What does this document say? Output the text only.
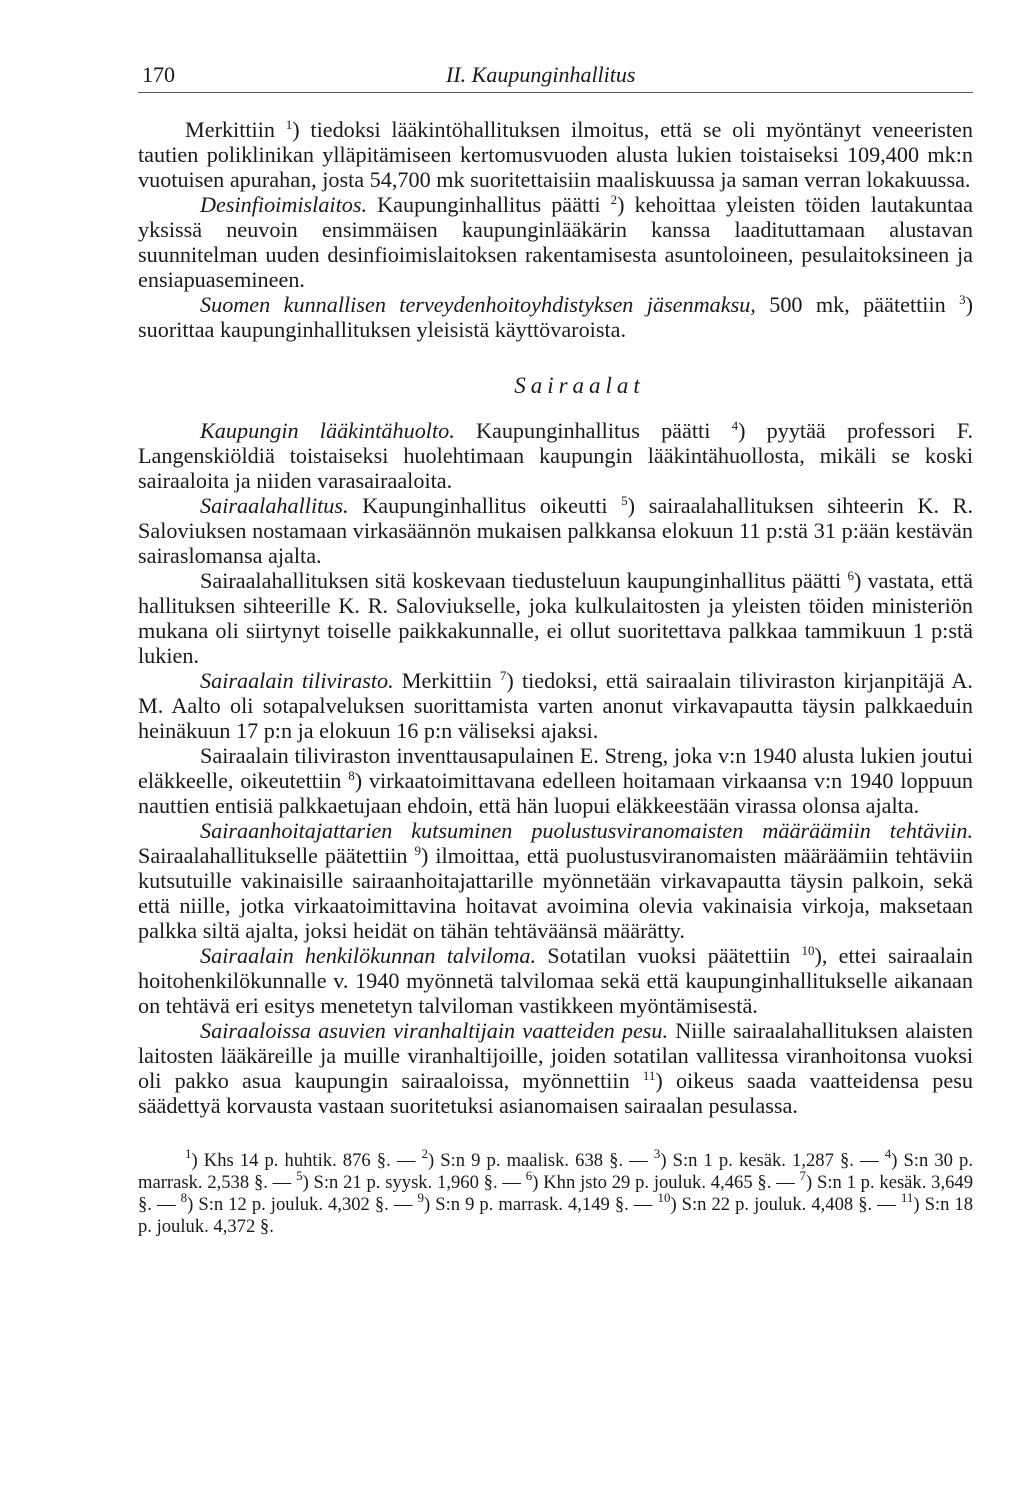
170	II. Kaupunginhallitus

Merkittiin $^1$) tiedoksi lääkintöhallituksen ilmoitus, että se oli myöntänyt veneeristen tautien poliklinikan ylläpitämiseen kertomusvuoden alusta lukien toistaiseksi 109,400 mk:n vuotuisen apurahan, josta 54,700 mk suoritettaisiin maaliskuussa ja saman verran lokakuussa.

Desinfioimislaitos. Kaupunginhallitus päätti $^2$) kehoittaa yleisten töiden lautakuntaa yksissä neuvoin ensimmäisen kaupunginlääkärin kanssa laadituttamaan alustavan suunnitelman uuden desinfioimislaitoksen rakentamisesta asuntoloineen, pesulaitoksineen ja ensiapuasemineen.

Suomen kunnallisen terveydenhoitoyhdistyksen jäsenmaksu, 500 mk, päätettiin $^3$) suorittaa kaupunginhallituksen yleisistä käyttövaroista.

Sairaalat

Kaupungin lääkintähuolto. Kaupunginhallitus päätti $^4$) pyytää professori F. Langenskiöldiä toistaiseksi huolehtimaan kaupungin lääkintähuollosta, mikäli se koski sairaaloita ja niiden varasairaaloita.

Sairaalahallitus. Kaupunginhallitus oikeutti $^5$) sairaalahallituksen sihteerin K. R. Saloviuksen nostamaan virkasäännön mukaisen palkkansa elokuun 11 p:stä 31 p:ään kestävän sairaslomansa ajalta.

Sairaalahallituksen sitä koskevaan tiedusteluun kaupunginhallitus päätti $^6$) vastata, että hallituksen sihteerille K. R. Saloviukselle, joka kulkulaitosten ja yleisten töiden ministeriön mukana oli siirtynyt toiselle paikkakunnalle, ei ollut suoritettava palkkaa tammikuun 1 p:stä lukien.

Sairaalain tilivirasto. Merkittiin $^7$) tiedoksi, että sairaalain tiliviraston kirjanpitäjä A. M. Aalto oli sotapalveluksen suorittamista varten anonut virkavapautta täysin palkkaeduin heinäkuun 17 p:n ja elokuun 16 p:n väliseksi ajaksi.

Sairaalain tiliviraston inventtausapulainen E. Streng, joka v:n 1940 alusta lukien joutui eläkkeelle, oikeutettiin $^8$) virkaatoimittavana edelleen hoitamaan virkaansa v:n 1940 loppuun nauttien entisiä palkkaetujaan ehdoin, että hän luopui eläkkeestään virassa olonsa ajalta.

Sairaanhoitajattarien kutsuminen puolustusviranomaisten määräämiin tehtäviin. Sairaalahallitukselle päätettiin $^9$) ilmoittaa, että puolustusviranomaisten määräämiin tehtäviin kutsutuille vakinaisille sairaanhoitajattarille myönnetään virkavapautta täysin palkoin, sekä että niille, jotka virkaatoimittavina hoitavat avoimina olevia vakinaisia virkoja, maksetaan palkka siltä ajalta, joksi heidät on tähän tehtäväänsä määrätty.

Sairaalain henkilökunnan talviloma. Sotatilan vuoksi päätettiin $^{10}$), ettei sairaalain hoitohenkilökunnalle v. 1940 myönnetä talvilomaa sekä että kaupunginhallitukselle aikanaan on tehtävä eri esitys menetetyn talviloman vastikkeen myöntämisestä.

Sairaaloissa asuvien viranhaltijain vaatteiden pesu. Niille sairaalahallituksen alaisten laitosten lääkäreille ja muille viranhaltijoille, joiden sotatilan vallitessa viranhoitonsa vuoksi oli pakko asua kaupungin sairaaloissa, myönnettiin $^{11}$) oikeus saada vaatteidensa pesu säädettyä korvausta vastaan suoritetuksi asianomaisen sairaalan pesulassa.

$^1$) Khs 14 p. huhtik. 876 §. — $^2$) S:n 9 p. maalisk. 638 §. — $^3$) S:n 1 p. kesäk. 1,287 §. — $^4$) S:n 30 p. marrask. 2,538 §. — $^5$) S:n 21 p. syysk. 1,960 §. — $^6$) Khn jsto 29 p. jouluk. 4,465 §. — $^7$) S:n 1 p. kesäk. 3,649 §. — $^8$) S:n 12 p. jouluk. 4,302 §. — $^9$) S:n 9 p. marrask. 4,149 §. — $^{10}$) S:n 22 p. jouluk. 4,408 §. — $^{11}$) S:n 18 p. jouluk. 4,372 §.
